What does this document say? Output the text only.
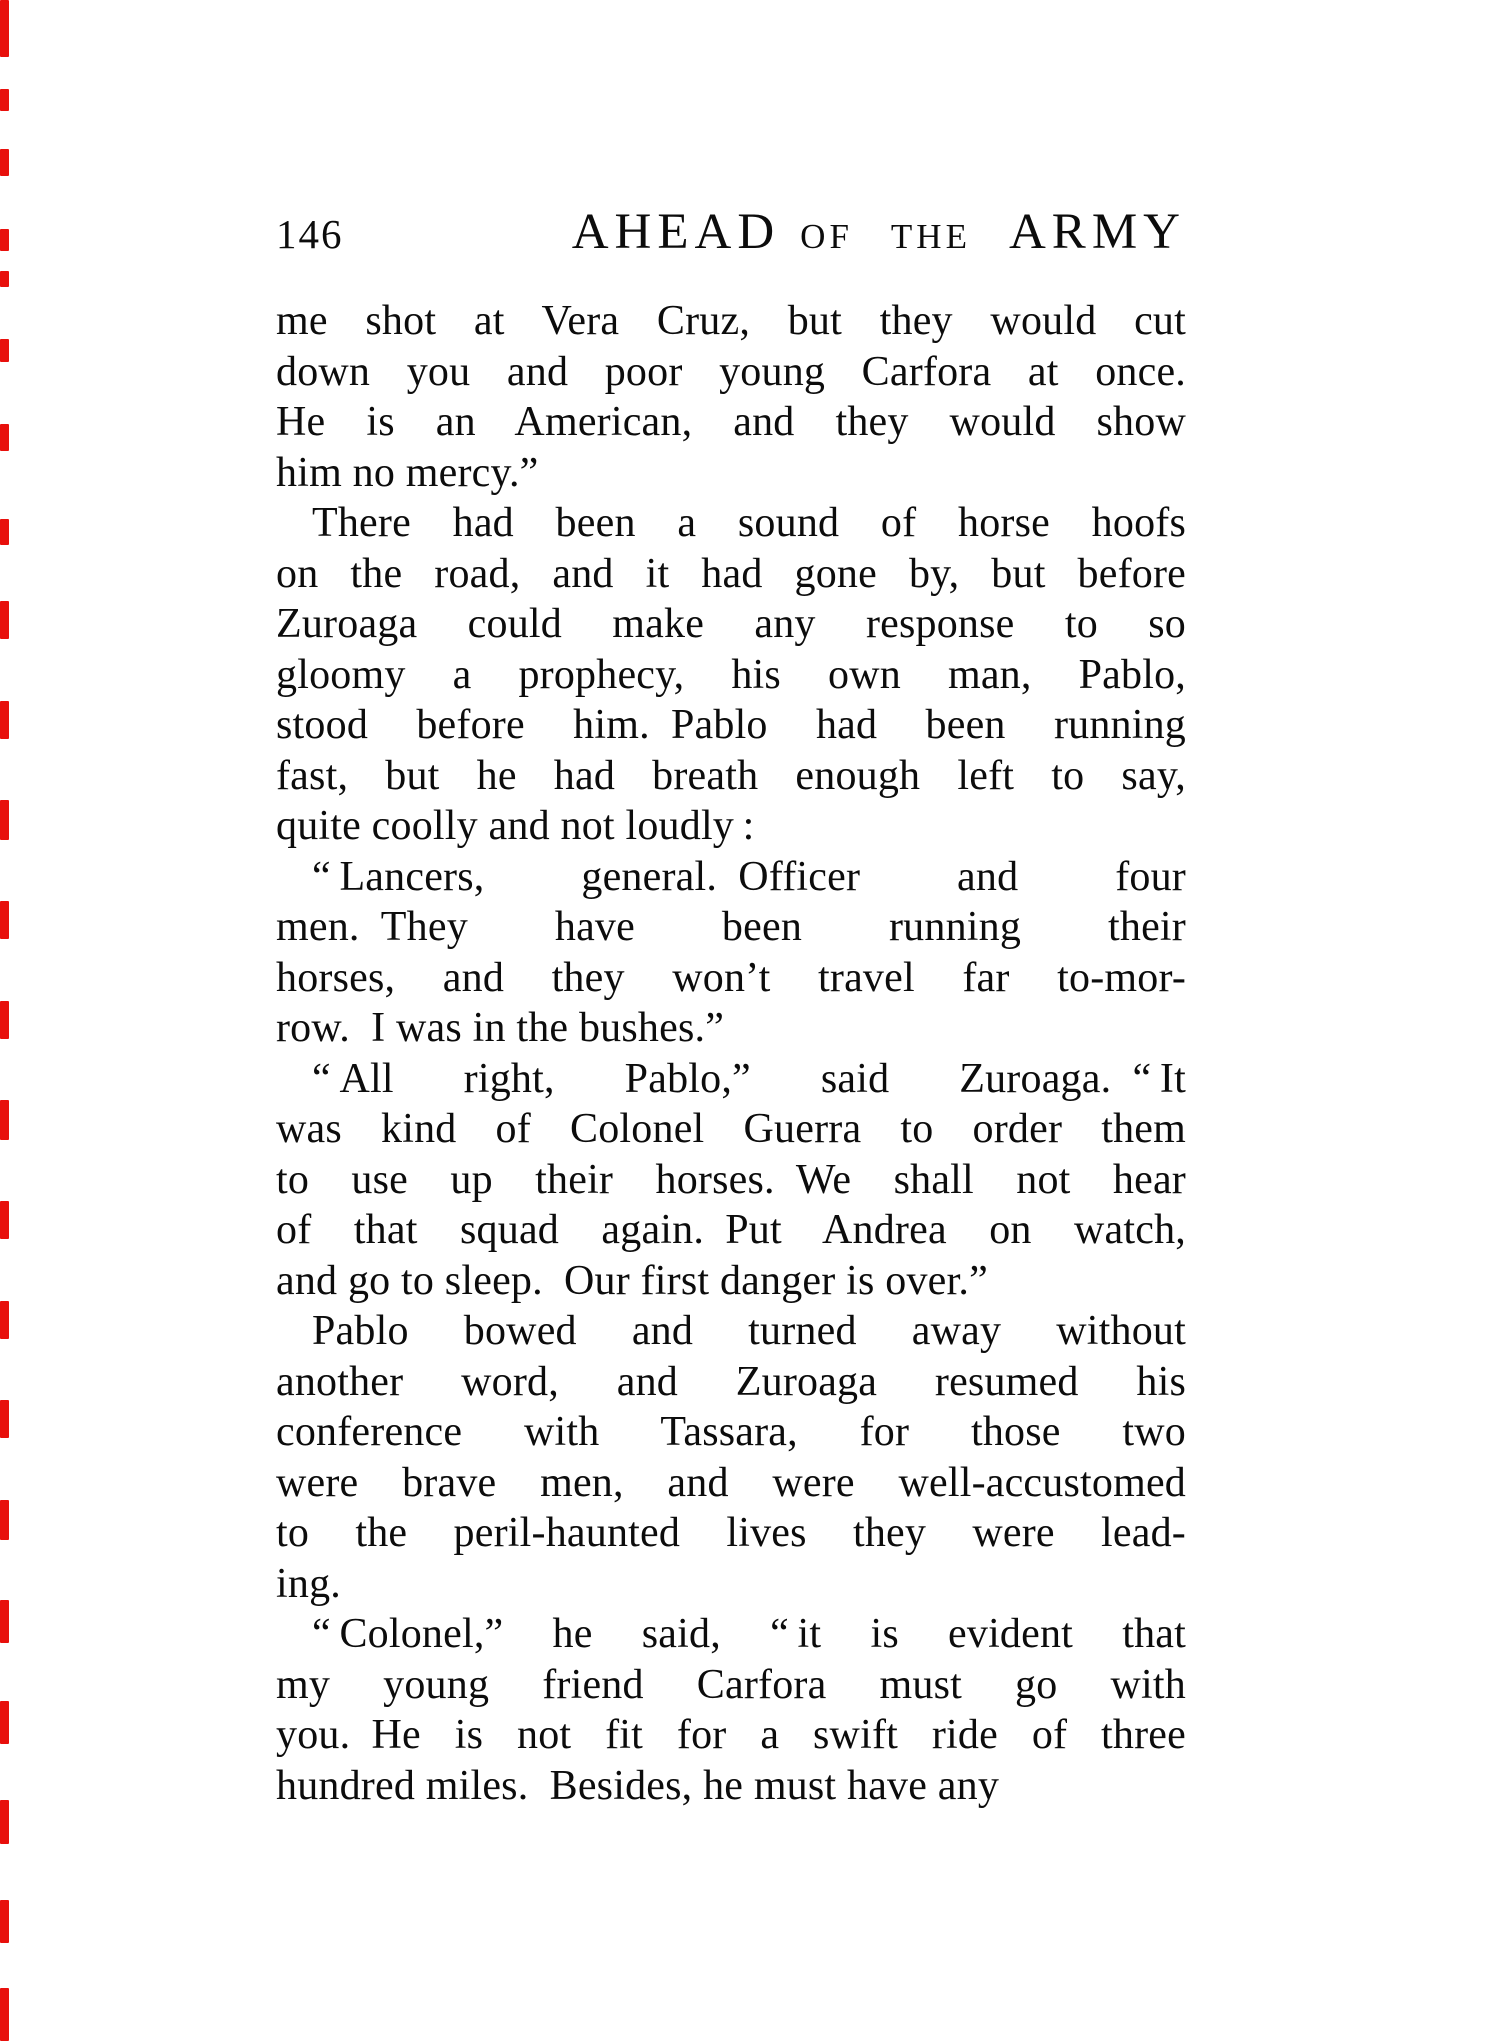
146	AHEAD OF THE ARMY
me shot at Vera Cruz, but they would cut
down you and poor young Carfora at once.
He is an American, and they would show
him no mercy.”
There had been a sound of horse hoofs
on the road, and it had gone by, but before
Zuroaga could make any response to so
gloomy a prophecy, his own man, Pablo,
stood before him. Pablo had been running
fast, but he had breath enough left to say,
quite coolly and not loudly :
“ Lancers, general. Officer and four
men. They have been running their
horses, and they won’t travel far to-mor-
row. I was in the bushes.”
“ All right, Pablo,” said Zuroaga. “ It
was kind of Colonel Guerra to order them
to use up their horses. We shall not hear
of that squad again. Put Andrea on watch,
and go to sleep. Our first danger is over.”
Pablo bowed and turned away without
another word, and Zuroaga resumed his
conference with Tassara, for those two
were brave men, and were well-accustomed
to the peril-haunted lives they were lead-
ing.
“ Colonel,” he said, “ it is evident that
my young friend Carfora must go with
you. He is not fit for a swift ride of three
hundred miles. Besides, he must have any
